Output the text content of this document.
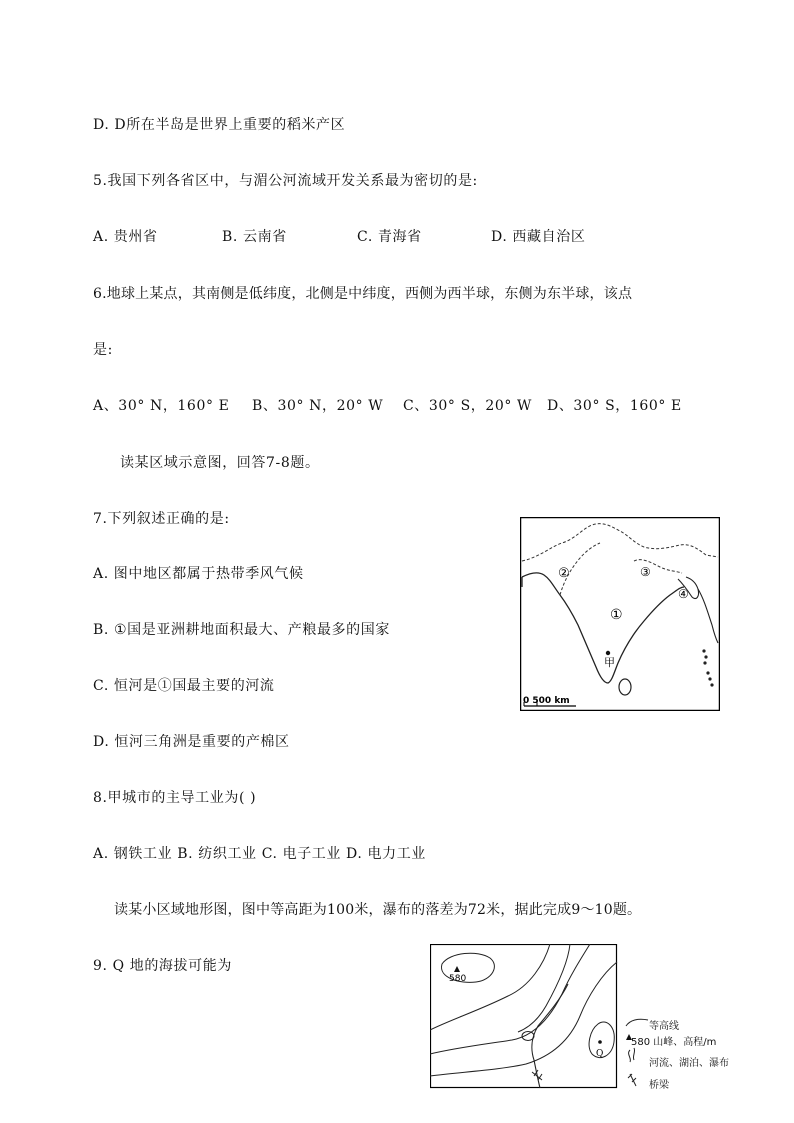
D. D所在半岛是世界上重要的稻米产区
5.我国下列各省区中，与湄公河流域开发关系最为密切的是:
A. 贵州省	B. 云南省	C. 青海省	D. 西藏自治区
6.地球上某点，其南侧是低纬度，北侧是中纬度，西侧为西半球，东侧为东半球，该点
是:
A、30° N，160° E B、30° N，20° W C、30° S，20° W D、30° S，160° E
读某区域示意图，回答7-8题。
7.下列叙述正确的是:
A. 图中地区都属于热带季风气候
B. ①国是亚洲耕地面积最大、产粮最多的国家
C. 恒河是①国最主要的河流
D. 恒河三角洲是重要的产棉区
②
①
③
④
甲
0 500 km
8.甲城市的主导工业为( )
A. 钢铁工业 B. 纺织工业 C. 电子工业 D. 电力工业
读某小区域地形图，图中等高距为100米，瀑布的落差为72米，据此完成9～10题。
9. Q 地的海拔可能为
580
Q
等高线
580 山峰、高程/m
河流、湖泊、瀑布
桥梁
